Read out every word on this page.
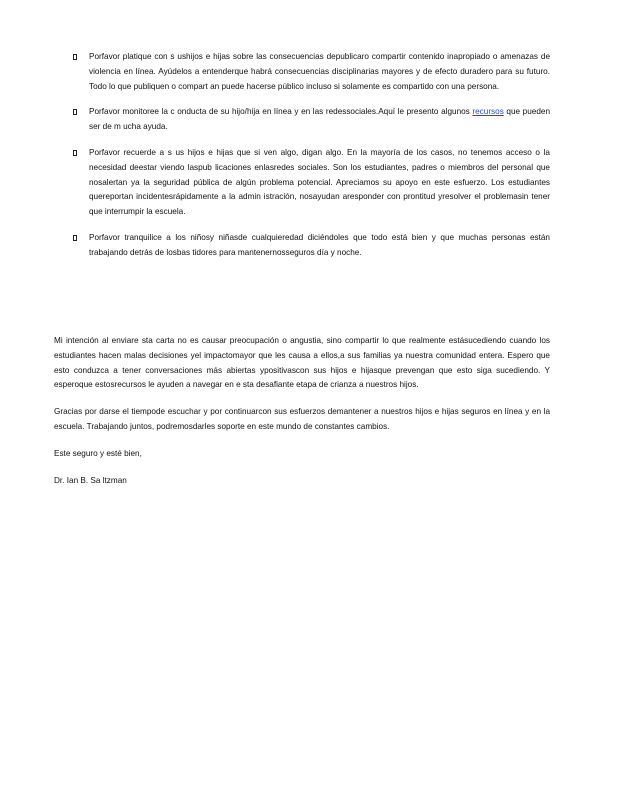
Porfavor platique con s ushijos e hijas sobre las consecuencias depublicaro compartir contenido inapropiado o amenazas de violencia en línea. Ayúdelos a entenderque habrá consecuencias disciplinarias mayores y de efecto duradero para su futuro. Todo lo que publiquen o compart an puede hacerse público incluso si solamente es compartido con una persona.

Porfavor monitoree la c onducta de su hijo/hija en línea y en las redessociales.Aquí le presento algunos recursos que pueden ser de m ucha ayuda.

Porfavor recuerde a s us hijos e hijas que si ven algo, digan algo. En la mayoría de los casos, no tenemos acceso o la necesidad deestar viendo laspub licaciones enlasredes sociales. Son los estudiantes, padres o miembros del personal que nosalertan ya la seguridad pública de algún problema potencial. Apreciamos su apoyo en este esfuerzo. Los estudiantes quereportan incidentesrápidamente a la admin istración, nosayudan aresponder con prontitud yresolver el problemasin tener que interrumpir la escuela.

Porfavor tranquilice a los niñosy niñasde cualquieredad diciéndoles que todo está bien y que muchas personas están trabajando detrás de losbas tidores para mantenernosseguros día y noche.

Mi intención al enviare sta carta no es causar preocupación o angustia, sino compartir lo que realmente estásucediendo cuando los estudiantes hacen malas decisiones yel impactomayor que les causa a ellos,a sus familias ya nuestra comunidad entera. Espero que esto conduzca a tener conversaciones más abiertas ypositivascon sus hijos e hijasque prevengan que esto siga sucediendo. Y esperoque estosrecursos le ayuden a navegar en e sta desafiante etapa de crianza a nuestros hijos.

Gracias por darse el tiempode escuchar y por continuarcon sus esfuerzos demantener a nuestros hijos e hijas seguros en línea y en la escuela. Trabajando juntos, podremosdarles soporte en este mundo de constantes cambios.

Este seguro y esté bien,

Dr. Ian B. Sa ltzman
